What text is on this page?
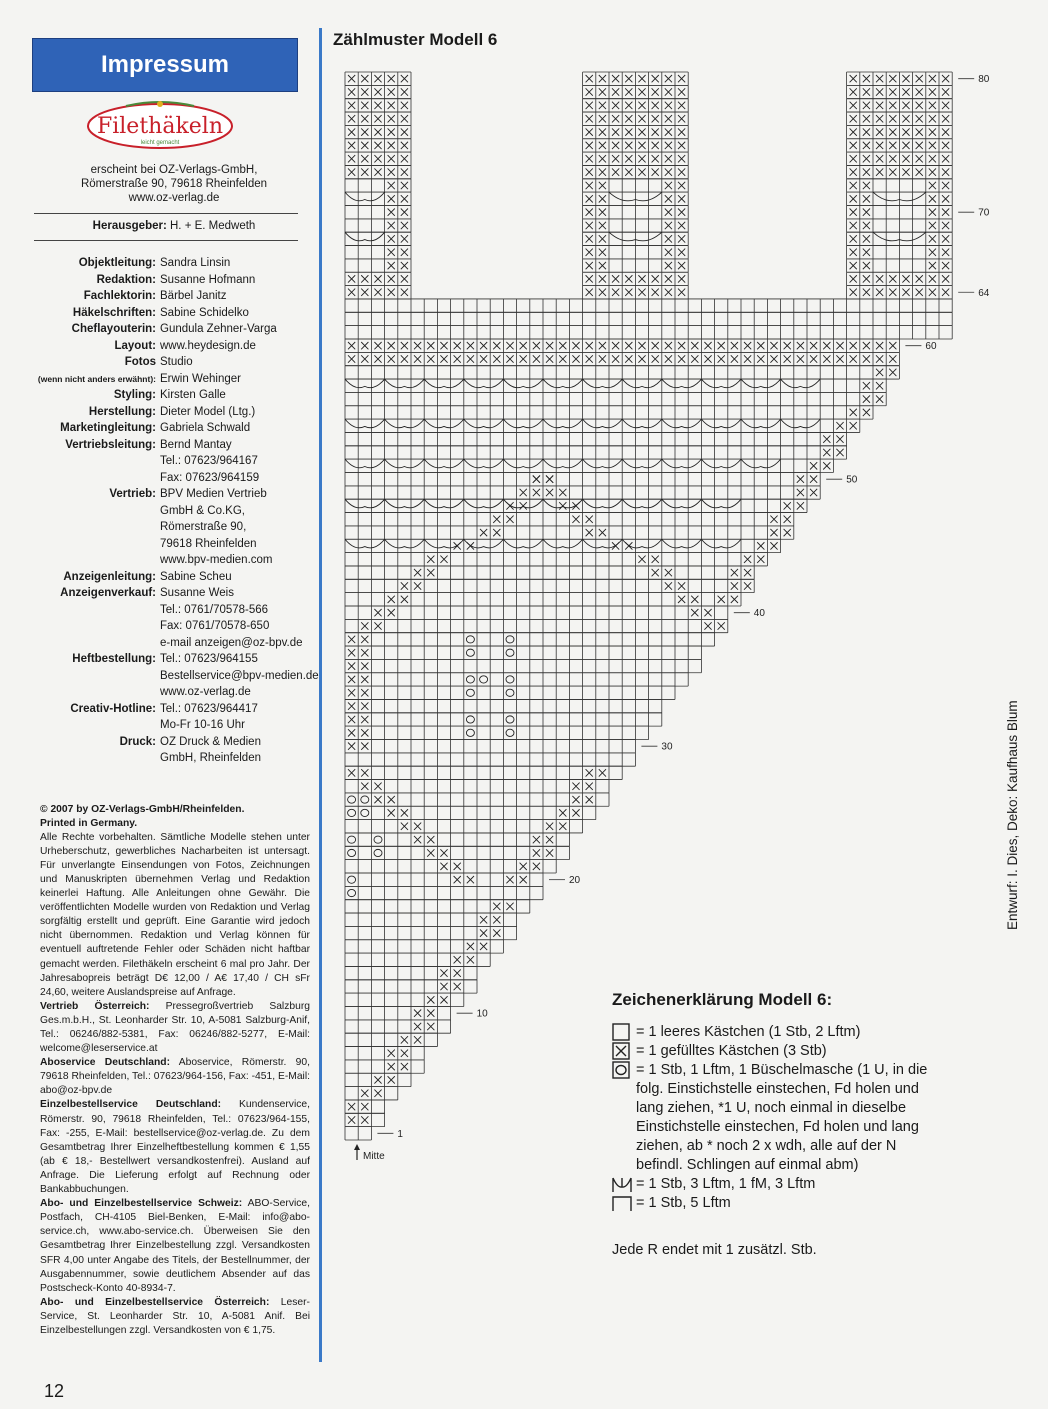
Impressum
Filethäkeln
leicht gemacht
erscheint bei OZ-Verlags-GmbH,
Römerstraße 90, 79618 Rheinfelden
www.oz-verlag.de
Herausgeber: H. + E. Medweth
Objektleitung: Sandra Linsin
Redaktion: Susanne Hofmann
Fachlektorin: Bärbel Janitz
Häkelschriften: Sabine Schidelko
Cheflayouterin: Gundula Zehner-Varga
Layout: www.heydesign.de
Fotos Studio
(wenn nicht anders erwähnt): Erwin Wehinger
Styling: Kirsten Galle
Herstellung: Dieter Model (Ltg.)
Marketingleitung: Gabriela Schwald
Vertriebsleitung: Bernd Mantay
Tel.: 07623/964167
Fax: 07623/964159
Vertrieb: BPV Medien Vertrieb
GmbH & Co.KG,
Römerstraße 90,
79618 Rheinfelden
www.bpv-medien.com
Anzeigenleitung: Sabine Scheu
Anzeigenverkauf: Susanne Weis
Tel.: 0761/70578-566
Fax: 0761/70578-650
e-mail anzeigen@oz-bpv.de
Heftbestellung: Tel.: 07623/964155
Bestellservice@bpv-medien.de
www.oz-verlag.de
Creativ-Hotline: Tel.: 07623/964417
Mo-Fr 10-16 Uhr
Druck: OZ Druck & Medien
GmbH, Rheinfelden

© 2007 by OZ-Verlags-GmbH/Rheinfelden.

Printed in Germany.

Alle Rechte vorbehalten. Sämtliche Modelle stehen unter Urheberschutz, gewerbliches Nacharbeiten ist untersagt. Für unverlangte Einsendungen von Fotos, Zeichnungen und Manuskripten übernehmen Verlag und Redaktion keinerlei Haftung. Alle Anleitungen ohne Gewähr. Die veröffentlichten Modelle wurden von Redaktion und Verlag sorgfältig erstellt und geprüft. Eine Garantie wird jedoch nicht übernommen. Redaktion und Verlag können für eventuell auftretende Fehler oder Schäden nicht haftbar gemacht werden. Filethäkeln erscheint 6 mal pro Jahr. Der Jahresabopreis beträgt D€ 12,00 / A€ 17,40 / CH sFr 24,60, weitere Auslandspreise auf Anfrage.

Vertrieb Österreich: Pressegroßvertrieb Salzburg Ges.m.b.H., St. Leonharder Str. 10, A-5081 Salzburg-Anif, Tel.: 06246/882-5381, Fax: 06246/882-5277, E-Mail: welcome@leserservice.at

Aboservice Deutschland: Aboservice, Römerstr. 90, 79618 Rheinfelden, Tel.: 07623/964-156, Fax: -451, E-Mail: abo@oz-bpv.de

Einzelbestellservice Deutschland: Kundenservice, Römerstr. 90, 79618 Rheinfelden, Tel.: 07623/964-155, Fax: -255, E-Mail: bestellservice@oz-verlag.de. Zu dem Gesamtbetrag Ihrer Einzelheftbestellung kommen € 1,55 (ab € 18,- Bestellwert versandkostenfrei). Ausland auf Anfrage. Die Lieferung erfolgt auf Rechnung oder Bankabbuchungen.

Abo- und Einzelbestellservice Schweiz: ABO-Service, Postfach, CH-4105 Biel-Benken, E-Mail: info@abo-service.ch, www.abo-service.ch. Überweisen Sie den Gesamtbetrag Ihrer Einzelbestellung zzgl. Versandkosten SFR 4,00 unter Angabe des Titels, der Bestellnummer, der Ausgabennummer, sowie deutlichem Absender auf das Postscheck-Konto 40-8934-7.

Abo- und Einzelbestellservice Österreich: Leser-Service, St. Leonharder Str. 10, A-5081 Anif. Bei Einzelbestellungen zzgl. Versandkosten von € 1,75.

12
Zählmuster Modell 6
80
70
64
60
50
40
30
20
10
1
Mitte
Zeichenerklärung Modell 6:
= 1 leeres Kästchen (1 Stb, 2 Lftm)
= 1 gefülltes Kästchen (3 Stb)
= 1 Stb, 1 Lftm, 1 Büschelmasche (1 U, in die folg. Einstichstelle einstechen, Fd holen und lang ziehen, *1 U, noch einmal in dieselbe Einstichstelle einstechen, Fd holen und lang ziehen, ab * noch 2 x wdh, alle auf der N befindl. Schlingen auf einmal abm)
= 1 Stb, 3 Lftm, 1 fM, 3 Lftm
= 1 Stb, 5 Lftm
Jede R endet mit 1 zusätzl. Stb.
Entwurf: I. Dies, Deko: Kaufhaus Blum
